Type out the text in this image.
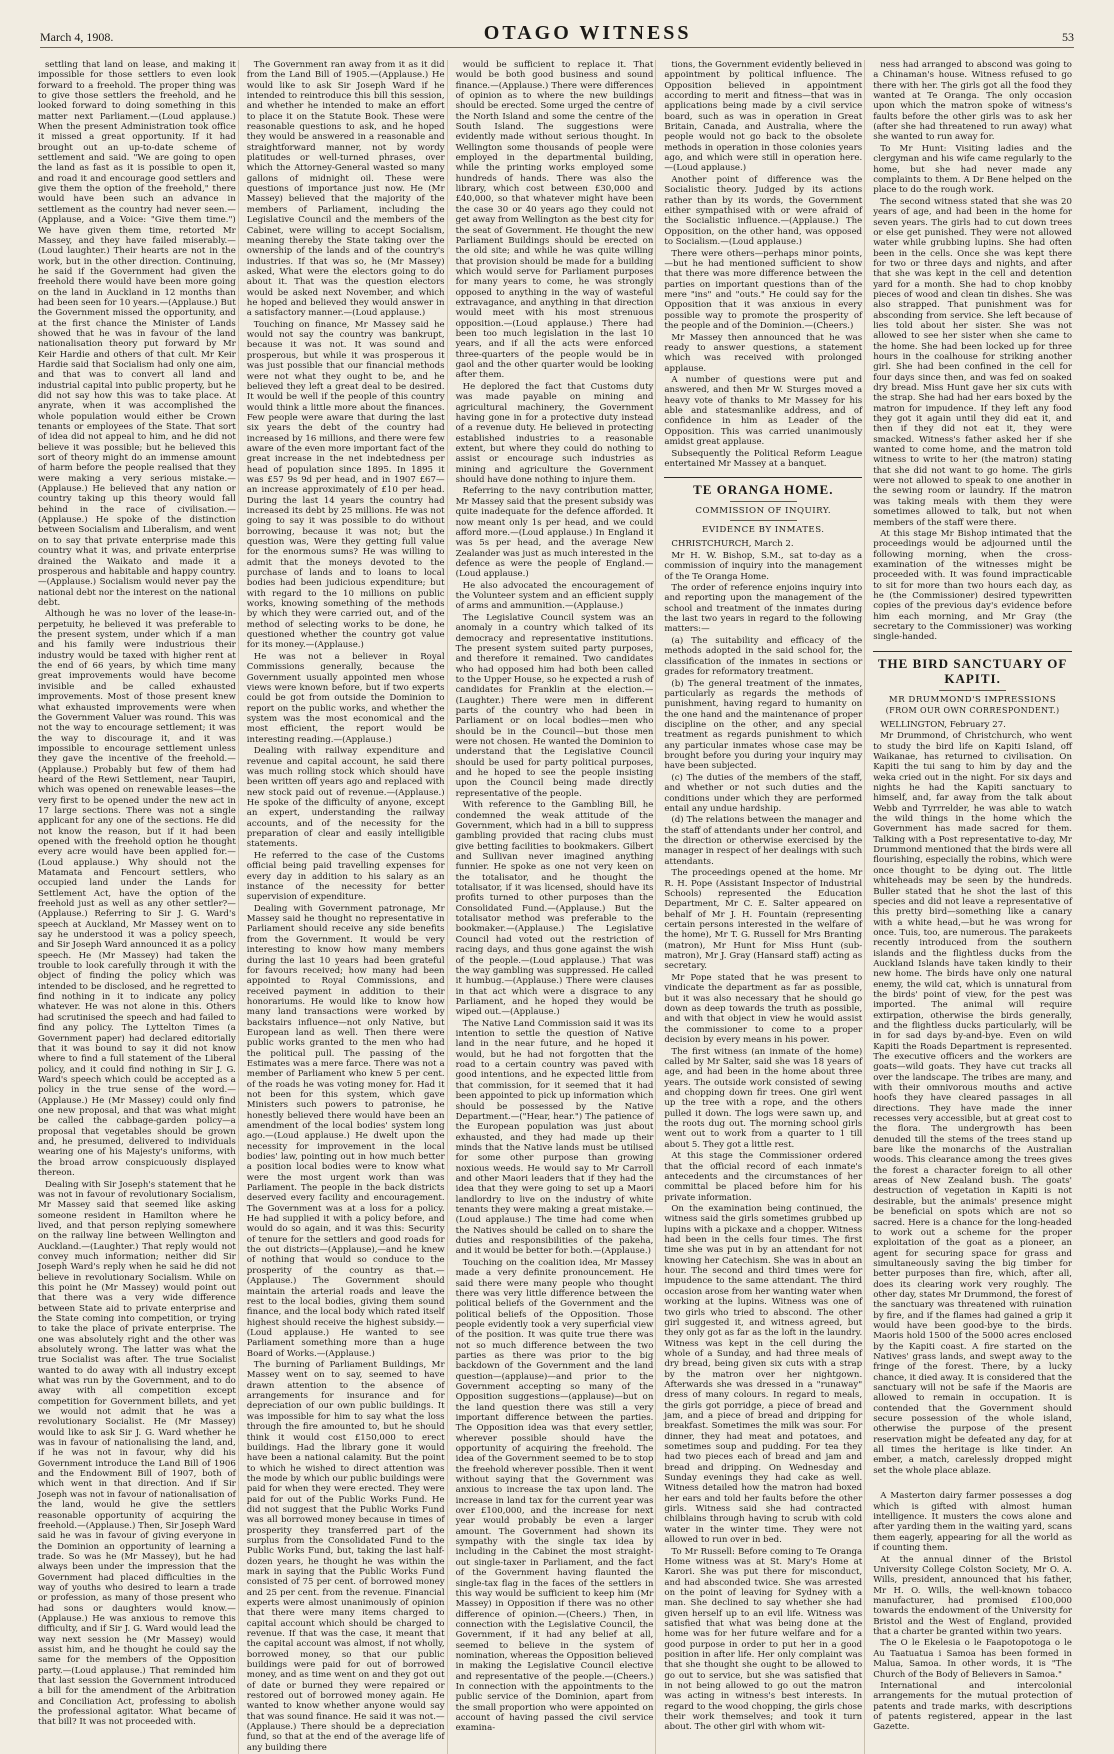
March 4, 1908.	OTAGO WITNESS	53

settling that land on lease, and making it impossible for those settlers to even look forward to a freehold. The proper thing was to give those settlers the freehold, and he looked forward to doing something in this matter next Parliament.—(Loud applause.) When the present Administration took office it missed a great opportunity. If it had brought out an up-to-date scheme of settlement and said. "We are going to open the land as fast as it is possible to open it, and road it and encourage good settlers and give them the option of the freehold," there would have been such an advance in settlement as the country had never seen.—(Applause, and a Voice: "Give them time.") We have given them time, retorted Mr Massey, and they have failed miserably.—(Loud laughter.) Their hearts are not in the work, but in the other direction. Continuing, he said if the Government had given the freehold there would have been more going on the land in Auckland in 12 months than had been seen for 10 years.—(Applause.) But the Government missed the opportunity, and at the first chance the Minister of Lands showed that he was in favour of the land nationalisation theory put forward by Mr Keir Hardie and others of that cult. Mr Keir Hardie said that Socialism had only one aim, and that was to convert all land and industrial capital into public property, but he did not say how this was to take place. At anyrate, when it was accomplished the whole population would either be Crown tenants or employees of the State. That sort of idea did not appeal to him, and he did not believe it was possible; but he believed this sort of theory might do an immense amount of harm before the people realised that they were making a very serious mistake.—(Applause.) He believed that any nation or country taking up this theory would fall behind in the race of civilisation.—(Applause.) He spoke of the distinction between Socialism and Liberalism, and went on to say that private enterprise made this country what it was, and private enterprise drained the Waikato and made it a prosperous and habitable and happy country.—(Applause.) Socialism would never pay the national debt nor the interest on the national debt.

Although he was no lover of the lease-in-perpetuity, he believed it was preferable to the present system, under which if a man and his family were industrious their industry would be taxed with higher rent at the end of 66 years, by which time many great improvements would have become invisible and be called exhausted improvements. Most of those present knew what exhausted improvements were when the Government Valuer was round. This was not the way to encourage settlement; it was the way to discourage it, and it was impossible to encourage settlement unless they gave the incentive of the freehold.—(Applause.) Probably but few of them had heard of the Rewi Settlement, near Taupiri, which was opened on renewable leases—the very first to be opened under the new act in 17 large sections. There was not a single applicant for any one of the sections. He did not know the reason, but if it had been opened with the freehold option he thought every acre would have been applied for.—(Loud applause.) Why should not the Matamata and Fencourt settlers, who occupied land under the Lands for Settlement Act, have the option of the freehold just as well as any other settler?—(Applause.) Referring to Sir J. G. Ward's speech at Auckland, Mr Massey went on to say he understood it was a policy speech, and Sir Joseph Ward announced it as a policy speech. He (Mr Massey) had taken the trouble to look carefully through it with the object of finding the policy which was intended to be disclosed, and he regretted to find nothing in it to indicate any policy whatever. He was not alone in this. Others had scrutinised the speech and had failed to find any policy. The Lyttelton Times (a Government paper) had declared editorially that it was bound to say it did not know where to find a full statement of the Liberal policy, and it could find nothing in Sir J. G. Ward's speech which could be accepted as a policy in the true sense of the word.—(Applause.) He (Mr Massey) could only find one new proposal, and that was what might be called the cabbage-garden policy—a proposal that vegetables should be grown and, he presumed, delivered to individuals wearing one of his Majesty's uniforms, with the broad arrow conspicuously displayed thereon.

Dealing with Sir Joseph's statement that he was not in favour of revolutionary Socialism, Mr Massey said that seemed like asking someone resident in Hamilton where he lived, and that person replying somewhere on the railway line between Wellington and Auckland.—(Laughter.) That reply would not convey much information; neither did Sir Joseph Ward's reply when he said he did not believe in revolutionary Socialism. While on this point he (Mr Massey) would point out that there was a very wide difference between State aid to private enterprise and the State coming into competition, or trying to take the place of private enterprise. The one was absolutely right and the other was absolutely wrong. The latter was what the true Socialist was after. The true Socialist wanted to do away with all industry except what was run by the Government, and to do away with all competition except competition for Government billets, and yet we would not admit that he was a revolutionary Socialist. He (Mr Massey) would like to ask Sir J. G. Ward whether he was in favour of nationalising the land, and, if he was not in favour, why did his Government introduce the Land Bill of 1906 and the Endowment Bill of 1907, both of which went in that direction. And if Sir Joseph was not in favour of nationalisation of the land, would he give the settlers reasonable opportunity of acquiring the freehold.—(Applause.) Then, Sir Joseph Ward said he was in favour of giving everyone in the Dominion an opportunity of learning a trade. So was he (Mr Massey), but he had always been under the impression that the Government had placed difficulties in the way of youths who desired to learn a trade or profession, as many of those present who had sons or daughters would know.—(Applause.) He was anxious to remove this difficulty, and if Sir J. G. Ward would lead the way next session he (Mr Massey) would assist him, and he thought he could say the same for the members of the Opposition party.—(Loud applause.) That reminded him that last session the Government introduced a bill for the amendment of the Arbitration and Conciliation Act, professing to abolish the professional agitator. What became of that bill? It was not proceeded with.

The Government ran away from it as it did from the Land Bill of 1905.—(Applause.) He would like to ask Sir Joseph Ward if he intended to reintroduce this bill this session, and whether he intended to make an effort to place it on the Statute Book. These were reasonable questions to ask, and he hoped they would be answered in a reasonable and straightforward manner, not by wordy platitudes or well-turned phrases, over which the Attorney-General wasted so many gallons of midnight oil. These were questions of importance just now. He (Mr Massey) believed that the majority of the members of Parliament, including the Legislative Council and the members of the Cabinet, were willing to accept Socialism, meaning thereby the State taking over the ownership of the lands and of the country's industries. If that was so, he (Mr Massey) asked, What were the electors going to do about it. That was the question electors would be asked next November, and which he hoped and believed they would answer in a satisfactory manner.—(Loud applause.)

Touching on finance, Mr Massey said he would not say the country was bankrupt, because it was not. It was sound and prosperous, but while it was prosperous it was just possible that our financial methods were not what they ought to be, and he believed they left a great deal to be desired. It would be well if the people of this country would think a little more about the finances. Few people were aware that during the last six years the debt of the country had increased by 16 millions, and there were few aware of the even more important fact of the great increase in the net indebtedness per head of population since 1895. In 1895 it was £57 9s 9d per head, and in 1907 £67—an increase approximately of £10 per head. During the last 14 years the country had increased its debt by 25 millions. He was not going to say it was possible to do without borrowing, because it was not; but the question was, Were they getting full value for the enormous sums? He was willing to admit that the moneys devoted to the purchase of lands and to loans to local bodies had been judicious expenditure; but with regard to the 10 millions on public works, knowing something of the methods by which they were carried out, and of the method of selecting works to be done, he questioned whether the country got value for its money.—(Applause.)

He was not a believer in Royal Commissions generally, because the Government usually appointed men whose views were known before, but if two experts could be got from outside the Dominion to report on the public works, and whether the system was the most economical and the most efficient, the report would be interesting reading.—(Applause.)

Dealing with railway expenditure and revenue and capital account, he said there was much rolling stock which should have been written off years ago and replaced with new stock paid out of revenue.—(Applause.) He spoke of the difficulty of anyone, except an expert, understanding the railway accounts, and of the necessity for the preparation of clear and easily intelligible statements.

He referred to the case of the Customs official being paid travelling expenses for every day in addition to his salary as an instance of the necessity for better supervision of expenditure.

Dealing with Government patronage, Mr Massey said he thought no representative in Parliament should receive any side benefits from the Government. It would be very interesting to know how many members during the last 10 years had been grateful for favours received; how many had been appointed to Royal Commissions, and received payment in addition to their honorariums. He would like to know how many land transactions were worked by backstairs influence—not only Native, but European land as well. Then there were public works granted to the men who had the political pull. The passing of the Estimates was a mere farce. There was not a member of Parliament who knew 5 per cent. of the roads he was voting money for. Had it not been for this system, which gave Ministers such powers to patronise, he honestly believed there would have been an amendment of the local bodies' system long ago.—(Loud applause.) He dwelt upon the necessity for improvement in the local bodies' law, pointing out in how much better a position local bodies were to know what were the most urgent work than was Parliament. The people in the back districts deserved every facility and encouragement. The Government was at a loss for a policy. He had supplied it with a policy before, and would do so again, and it was this: Security of tenure for the settlers and good roads for the out districts—(Applause),—and he knew of nothing that would so conduce to the prosperity of the country as that.—(Applause.) The Government should maintain the arterial roads and leave the rest to the local bodies, giving them sound finance, and the local body which rated itself highest should receive the highest subsidy.—(Loud applause.) He wanted to see Parliament something more than a huge Board of Works.—(Applause.)

The burning of Parliament Buildings, Mr Massey went on to say, seemed to have drawn attention to the absence of arrangements for insurance and for depreciation of our own public buildings. It was impossible for him to say what the loss through the fire amounted to, but he should think it would cost £150,000 to erect buildings. Had the library gone it would have been a national calamity. But the point to which he wished to direct attention was the mode by which our public buildings were paid for when they were erected. They were paid for out of the Public Works Fund. He did not suggest that the Public Works Fund was all borrowed money because in times of prosperity they transferred part of the surplus from the Consolidated Fund to the Public Works Fund, but, taking the last half-dozen years, he thought he was within the mark in saying that the Public Works Fund consisted of 75 per cent. of borrowed money and 25 per cent. from the revenue. Financial experts were almost unanimously of opinion that there were many items charged to capital account which should be charged to revenue. If that was the case, it meant that the capital account was almost, if not wholly, borrowed money, so that our public buildings were paid for out of borrowed money, and as time went on and they got out of date or burned they were repaired or restored out of borrowed money again. He wanted to know whether anyone would say that was sound finance. He said it was not.—(Applause.) There should be a depreciation fund, so that at the end of the average life of any building there

would be sufficient to replace it. That would be both good business and sound finance.—(Applause.) There were differences of opinion as to where the new buildings should be erected. Some urged the centre of the North Island and some the centre of the South Island. The suggestions were evidently made without serious thought. In Wellington some thousands of people were employed in the departmental building, while the printing works employed some hundreds of hands. There was also the library, which cost between £30,000 and £40,000, so that whatever might have been the case 30 or 40 years ago they could not get away from Wellington as the best city for the seat of Government. He thought the new Parliament Buildings should be erected on the old site; and while he was quite willing that provision should be made for a building which would serve for Parliament purposes for many years to come, he was strongly opposed to anything in the way of wasteful extravagance, and anything in that direction would meet with his most strenuous opposition.—(Loud applause.) There had been too much legislation in the last 10 years, and if all the acts were enforced three-quarters of the people would be in gaol and the other quarter would be looking after them.

He deplored the fact that Customs duty was made payable on mining and agricultural machinery, the Government having gone in for a protective duty instead of a revenue duty. He believed in protecting established industries to a reasonable extent, but where they could do nothing to assist or encourage such industries as mining and agriculture the Government should have done nothing to injure them.

Referring to the navy contribution matter, Mr Massey said that the present subsidy was quite inadequate for the defence afforded. It now meant only 1s per head, and we could afford more.—(Loud applause.) In England it was 5s per head, and the average New Zealander was just as much interested in the defence as were the people of England.—(Loud applause.)

He also advocated the encouragement of the Volunteer system and an efficient supply of arms and ammunition.—(Applause.)

The Legislative Council system was an anomaly in a country which talked of its democracy and representative institutions. The present system suited party purposes, and therefore it remained. Two candidates who had opposed him had both been called to the Upper House, so he expected a rush of candidates for Franklin at the election.—(Laughter.) There were men in different parts of the country who had been in Parliament or on local bodies—men who should be in the Council—but those men were not chosen. He wanted the Dominion to understand that the Legislative Council should be used for party political purposes, and he hoped to see the people insisting upon the Council being made directly representative of the people.

With reference to the Gambling Bill, he condemned the weak attitude of the Government, which had in a bill to suppress gambling provided that racing clubs must give betting facilities to bookmakers. Gilbert and Sullivan never imagined anything funnier. He spoke as one not very keen on the totalisator, and he thought the totalisator, if it was licensed, should have its profits turned to other purposes than the Consolidated Fund.—(Applause.) But the totalisator method was preferable to the bookmaker.—(Applause.) The Legislative Council had voted out the restriction of racing days, and thus gone against the wish of the people.—(Loud applause.) That was the way gambling was suppressed. He called it humbug.—(Applause.) There were clauses in that act which were a disgrace to any Parliament, and he hoped they would be wiped out.—(Applause.)

The Native Land Commission said it was its intention to settle the question of Native land in the near future, and he hoped it would, but he had not forgotten that the road to a certain country was paved with good intentions, and he expected little from that commission, for it seemed that it had been appointed to pick up information which should be possessed by the Native Department.—("Hear, hear.") The patience of the European population was just about exhausted, and they had made up their minds that the Native lands must be utilised for some other purpose than growing noxious weeds. He would say to Mr Carroll and other Maori leaders that if they had the idea that they were going to set up a Maori landlordry to live on the industry of white tenants they were making a great mistake.—(Loud applause.) The time had come when the Natives should be called on to share the duties and responsibilities of the pakeha, and it would be better for both.—(Applause.)

Touching on the coalition idea, Mr Massey made a very definite pronouncement. He said there were many people who thought there was very little difference between the political beliefs of the Government and the political beliefs of the Opposition. Those people evidently took a very superficial view of the position. It was quite true there was not so much difference between the two parties as there was prior to the big backdown of the Government and the land question—(applause)—and prior to the Government accepting so many of the Opposition suggestions—(applause)—but on the land question there was still a very important difference between the parties. The Opposition idea was that every settler, wherever possible should have the opportunity of acquiring the freehold. The idea of the Government seemed to be to stop the freehold wherever possible. Then it went without saying that the Government was anxious to increase the tax upon land. The increase in land tax for the current year was over £100,000, and the increase for next year would probably be even a larger amount. The Government had shown its sympathy with the single tax idea by including in the Cabinet the most straight-out single-taxer in Parliament, and the fact of the Government having flaunted the single-tax flag in the faces of the settlers in this way would be sufficient to keep him (Mr Massey) in Opposition if there was no other difference of opinion.—(Cheers.) Then, in connection with the Legislative Council, the Government, if it had any belief at all, seemed to believe in the system of nomination, whereas the Opposition believed in making the Legislative Council elective and representative of the people.—(Cheers.) In connection with the appointments to the public service of the Dominion, apart from the small proportion who were appointed on account of having passed the civil service examina-

tions, the Government evidently believed in appointment by political influence. The Opposition believed in appointment according to merit and fitness—that was in applications being made by a civil service board, such as was in operation in Great Britain, Canada, and Australia, where the people would not go back to the obsolete methods in operation in those colonies years ago, and which were still in operation here.—(Loud applause.)

Another point of difference was the Socialistic theory. Judged by its actions rather than by its words, the Government either sympathised with or were afraid of the Socialistic influence.—(Applause.) The Opposition, on the other hand, was opposed to Socialism.—(Loud applause.)

There were others—perhaps minor points,—but he had mentioned sufficient to show that there was more difference between the parties on important questions than of the mere "ins" and "outs." He could say for the Opposition that it was anxious in every possible way to promote the prosperity of the people and of the Dominion.—(Cheers.)

Mr Massey then announced that he was ready to answer questions, a statement which was received with prolonged applause.

A number of questions were put and answered, and then Mr W. Sturges moved a heavy vote of thanks to Mr Massey for his able and statesmanlike address, and of confidence in him as Leader of the Opposition. This was carried unanimously amidst great applause.

Subsequently the Political Reform League entertained Mr Massey at a banquet.

TE ORANGA HOME.
COMMISSION OF INQUIRY.
EVIDENCE BY INMATES.

CHRISTCHURCH, March 2.

Mr H. W. Bishop, S.M., sat to-day as a commission of inquiry into the management of the Te Oranga Home.

The order of reference enjoins inquiry into and reporting upon the management of the school and treatment of the inmates during the last two years in regard to the following matters:—

(a) The suitability and efficacy of the methods adopted in the said school for, the classification of the inmates in sections or grades for reformatory treatment.

(b) The general treatment of the inmates, particularly as regards the methods of punishment, having regard to humanity on the one hand and the maintenance of proper discipline on the other, and any special treatment as regards punishment to which any particular inmates whose case may be brought before you during your inquiry may have been subjected.

(c) The duties of the members of the staff, and whether or not such duties and the conditions under which they are performed entail any undue hardship.

(d) The relations between the manager and the staff of attendants under her control, and the direction or otherwise exercised by the manager in respect of her dealings with such attendants.

The proceedings opened at the home. Mr R. H. Pope (Assistant Inspector of Industrial Schools) represented the Education Department, Mr C. E. Salter appeared on behalf of Mr J. H. Fountain (representing certain persons interested in the welfare of the home), Mr T. G. Russell for Mrs Branting (matron), Mr Hunt for Miss Hunt (sub-matron), Mr J. Gray (Hansard staff) acting as secretary.

Mr Pope stated that he was present to vindicate the department as far as possible, but it was also necessary that he should go down as deep towards the truth as possible, and with that object in view he would assist the commissioner to come to a proper decision by every means in his power.

The first witness (an inmate of the home) called by Mr Salter, said she was 18 years of age, and had been in the home about three years. The outside work consisted of sewing and chopping down fir trees. One girl went up the tree with a rope, and the others pulled it down. The logs were sawn up, and the roots dug out. The morning school girls went out to work from a quarter to 1 till about 5. They got a little rest.

At this stage the Commissioner ordered that the official record of each inmate's antecedents and the circumstances of her committal be placed before him for his private information.

On the examination being continued, the witness said the girls sometimes grubbed up lupins with a pickaxe and a chopper. Witness had been in the cells four times. The first time she was put in by an attendant for not knowing her Catechism. She was in about an hour. The second and third times were for impudence to the same attendant. The third occasion arose from her wanting water when working at the lupins. Witness was one of two girls who tried to abscond. The other girl suggested it, and witness agreed, but they only got as far as the loft in the laundry. Witness was kept in the cell during the whole of a Sunday, and had three meals of dry bread, being given six cuts with a strap by the matron over her nightgown. Afterwards she was dressed in a "runaway" dress of many colours. In regard to meals, the girls got porridge, a piece of bread and jam, and a piece of bread and dripping for breakfast. Sometimes the milk was sour. For dinner, they had meat and potatoes, and sometimes soup and pudding. For tea they had two pieces each of bread and jam and bread and dripping. On Wednesday and Sunday evenings they had cake as well. Witness detailed how the matron had boxed her ears and told her faults before the other girls. Witness said she had contracted chilblains through having to scrub with cold water in the winter time. They were not allowed to run over in bed.

To Mr Russell: Before coming to Te Oranga Home witness was at St. Mary's Home at Karori. She was put there for misconduct, and had absconded twice. She was arrested on the point of leaving for Sydney with a man. She declined to say whether she had given herself up to an evil life. Witness was satisfied that what was being done at the home was for her future welfare and for a good purpose in order to put her in a good position in after life. Her only complaint was that she thought she ought to be allowed to go out to service, but she was satisfied that in not being allowed to go out the matron was acting in witness's best interests. In regard to the wood chopping, the girls chose their work themselves; and took it turn about. The other girl with whom wit-

ness had arranged to abscond was going to a Chinaman's house. Witness refused to go there with her. The girls got all the food they wanted at Te Oranga. The only occasion upon which the matron spoke of witness's faults before the other girls was to ask her (after she had threatened to run away) what she wanted to run away for.

To Mr Hunt: Visiting ladies and the clergyman and his wife came regularly to the home, but she had never made any complaints to them. A Dr Bene helped on the place to do the rough work.

The second witness stated that she was 20 years of age, and had been in the home for seven years. The girls had to cut down trees or else get punished. They were not allowed water while grubbing lupins. She had often been in the cells. Once she was kept there for two or three days and nights, and after that she was kept in the cell and detention yard for a month. She had to chop knobby pieces of wood and clean tin dishes. She was also strapped. That punishment was for absconding from service. She left because of lies told about her sister. She was not allowed to see her sister when she came to the home. She had been locked up for three hours in the coalhouse for striking another girl. She had been confined in the cell for four days since then, and was fed on soaked dry bread. Miss Hunt gave her six cuts with the strap. She had had her ears boxed by the matron for impudence. If they left any food they got it again until they did eat it, and then if they did not eat it, they were smacked. Witness's father asked her if she wanted to come home, and the matron told witness to write to her (the matron) stating that she did not want to go home. The girls were not allowed to speak to one another in the sewing room or laundry. If the matron was taking meals with them they were sometimes allowed to talk, but not when members of the staff were there.

At this stage Mr Bishop intimated that the proceedings would be adjourned until the following morning, when the cross-examination of the witnesses might be proceeded with. It was found impracticable to sit for more than two hours each day, as he (the Commissioner) desired typewritten copies of the previous day's evidence before him each morning, and Mr Gray (the secretary to the Commissioner) was working single-handed.

THE BIRD SANCTUARY OF KAPITI.
MR DRUMMOND'S IMPRESSIONS
(FROM OUR OWN CORRESPONDENT.)

WELLINGTON, February 27.

Mr Drummond, of Christchurch, who went to study the bird life on Kapiti Island, off Waikanae, has returned to civilisation. On Kapiti the tui sang to him by day and the weka cried out in the night. For six days and nights he had the Kapiti sanctuary to himself, and, far away from the talk about Webb and Tyrrrelder, he was able to watch the wild things in the home which the Government has made sacred for them. Talking with a Post representative to-day, Mr Drummond mentioned that the birds were all flourishing, especially the robins, which were once thought to be dying out. The little whiteheads may be seen by the hundreds. Buller stated that he shot the last of this species and did not leave a representative of this pretty bird—something like a canary with a white head,—but he was wrong for once. Tuis, too, are numerous. The parakeets recently introduced from the southern islands and the flightless ducks from the Auckland Islands have taken kindly to their new home. The birds have only one natural enemy, the wild cat, which is unnatural from the birds' point of view, for the pest was imported. The animal will require extirpation, otherwise the birds generally, and the flightless ducks particularly, will be in for sad days by-and-bye. Even on wild Kapiti the Roads Department is represented. The executive officers and the workers are goats—wild goats. They have cut tracks all over the landscape. The tribes are many, and with their omnivorous mouths and active hoofs they have cleared passages in all directions. They have made the inner recesses very accessible, but at great cost to the flora. The undergrowth has been denuded till the stems of the trees stand up bare like the monarchs of the Australian woods. This clearance among the trees gives the forest a character foreign to all other areas of New Zealand bush. The goats' destruction of vegetation in Kapiti is not desirable, but the animals' presence might be beneficial on spots which are not so sacred. Here is a chance for the long-headed to work out a scheme for the proper exploitation of the goat as a pioneer, an agent for securing space for grass and simultaneously saving the big timber for better purposes than fire, which, after all, does its clearing work very roughly. The other day, states Mr Drummond, the forest of the sanctuary was threatened with ruination by fire, and if the flames had gained a grip it would have been good-bye to the birds. Maoris hold 1500 of the 5000 acres enclosed by the Kapiti coast. A fire started on the Natives' grass lands, and swept away to the fringe of the forest. There, by a lucky chance, it died away. It is considered that the sanctuary will not be safe if the Maoris are allowed to remain in occupation. It is contended that the Government should secure possession of the whole island, otherwise the purpose of the present reservation might be defeated any day, for at all times the heritage is like tinder. An ember, a match, carelessly dropped might set the whole place ablaze.

A Masterton dairy farmer possesses a dog which is gifted with almost human intelligence. It musters the cows alone and after yarding them in the waiting yard, scans them eagerly, appearing for all the world as if counting them.

At the annual dinner of the Bristol University College Colston Society, Mr O. A. Wills, president, announced that his father, Mr H. O. Wills, the well-known tobacco manufacturer, had promised £100,000 towards the endowment of the University for Bristol and the West of England, provided that a charter be granted within two years.

The O le Ekelesia o le Faapotopotoga o le Au Taatuatua i Samoa has been formed in Malua, Samoa. In other words, it is "The Church of the Body of Believers in Samoa."

International and intercolonial arrangements for the mutual protection of patents and trade marks, with descriptions of patents registered, appear in the last Gazette.
